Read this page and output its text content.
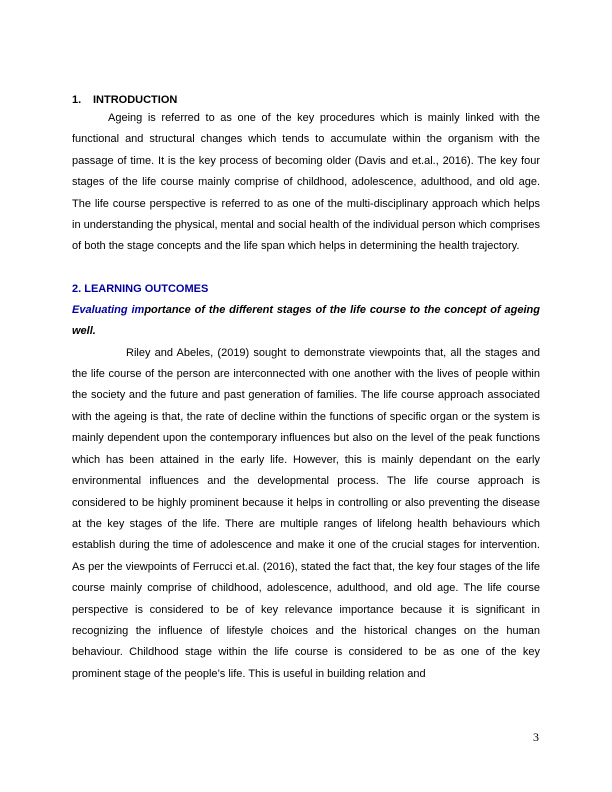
1. INTRODUCTION

Ageing is referred to as one of the key procedures which is mainly linked with the functional and structural changes which tends to accumulate within the organism with the passage of time. It is the key process of becoming older (Davis and et.al., 2016). The key four stages of the life course mainly comprise of childhood, adolescence, adulthood, and old age. The life course perspective is referred to as one of the multi-disciplinary approach which helps in understanding the physical, mental and social health of the individual person which comprises of both the stage concepts and the life span which helps in determining the health trajectory.

2. LEARNING OUTCOMES
Evaluating importance of the different stages of the life course to the concept of ageing well.

Riley and Abeles, (2019) sought to demonstrate viewpoints that, all the stages and the life course of the person are interconnected with one another with the lives of people within the society and the future and past generation of families. The life course approach associated with the ageing is that, the rate of decline within the functions of specific organ or the system is mainly dependent upon the contemporary influences but also on the level of the peak functions which has been attained in the early life. However, this is mainly dependant on the early environmental influences and the developmental process. The life course approach is considered to be highly prominent because it helps in controlling or also preventing the disease at the key stages of the life. There are multiple ranges of lifelong health behaviours which establish during the time of adolescence and make it one of the crucial stages for intervention. As per the viewpoints of Ferrucci et.al. (2016), stated the fact that, the key four stages of the life course mainly comprise of childhood, adolescence, adulthood, and old age. The life course perspective is considered to be of key relevance importance because it is significant in recognizing the influence of lifestyle choices and the historical changes on the human behaviour. Childhood stage within the life course is considered to be as one of the key prominent stage of the people’s life. This is useful in building relation and

3
